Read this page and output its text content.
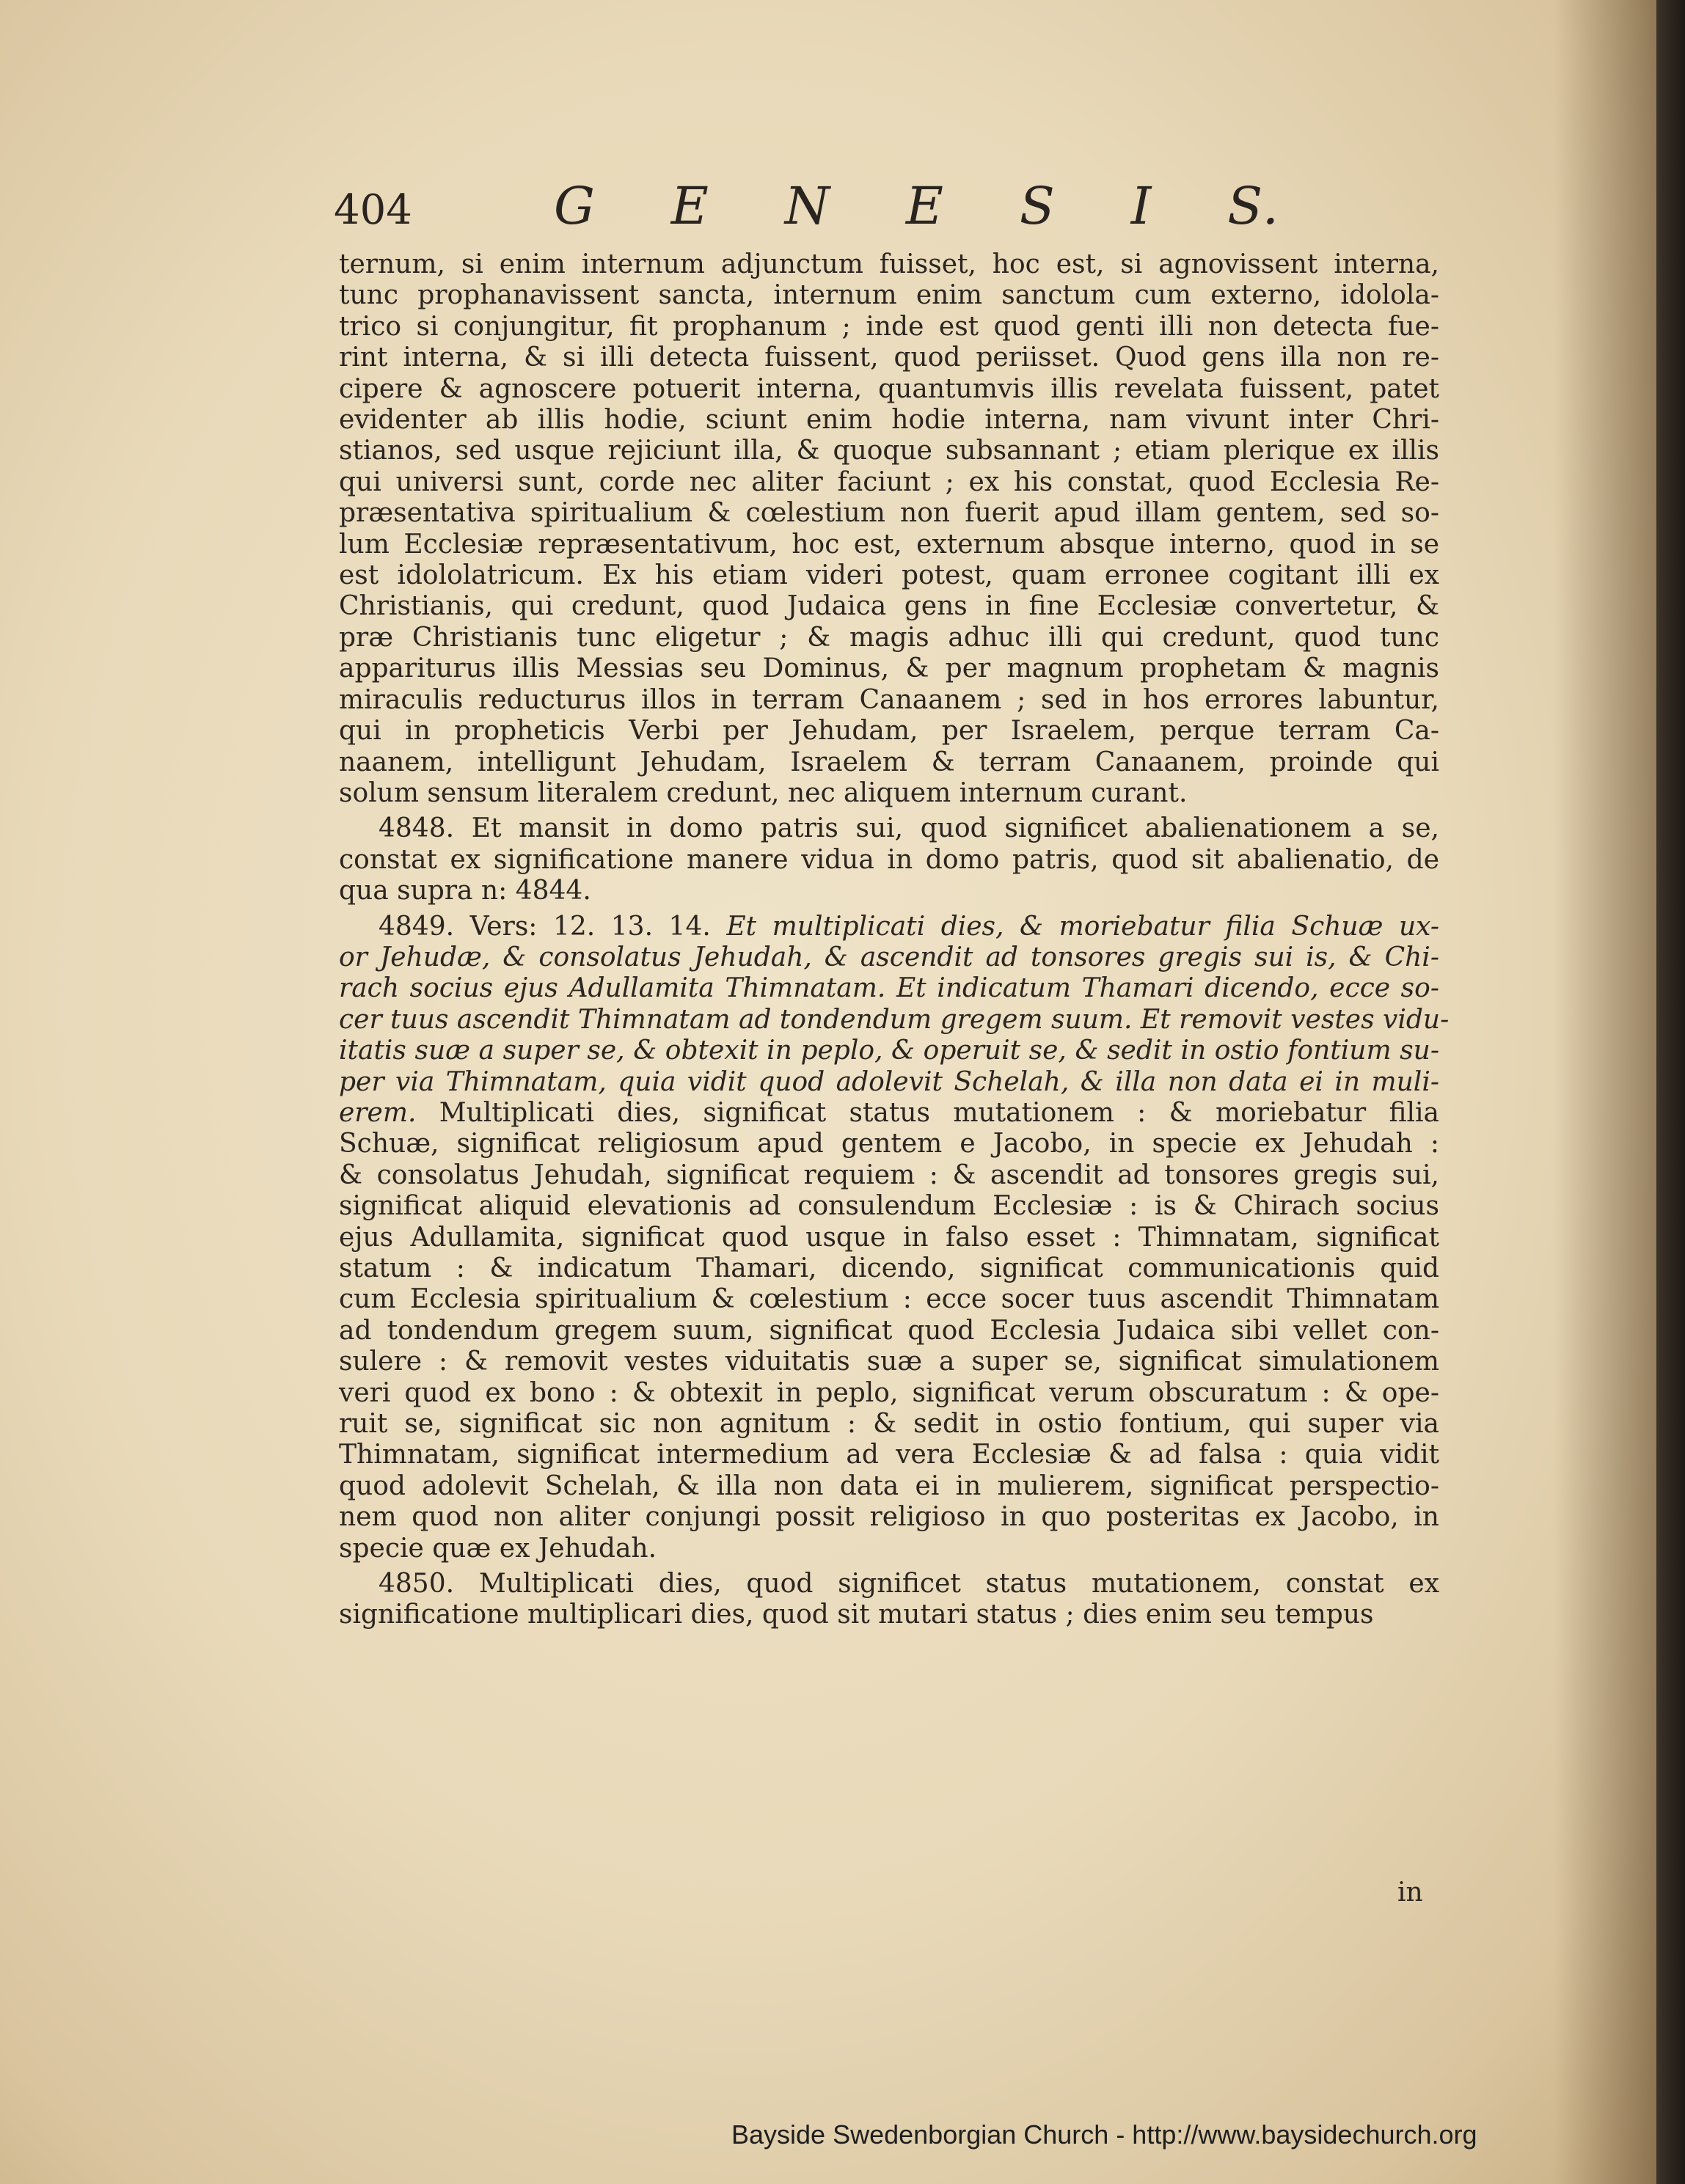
404	G E N E S I S.
ternum, si enim internum adjunctum fuisset, hoc est, si agnovissent interna,
tunc prophanavissent sancta, internum enim sanctum cum externo, idolola-
trico si conjungitur, fit prophanum ; inde est quod genti illi non detecta fue-
rint interna, & si illi detecta fuissent, quod periisset. Quod gens illa non re-
cipere & agnoscere potuerit interna, quantumvis illis revelata fuissent, patet
evidenter ab illis hodie, sciunt enim hodie interna, nam vivunt inter Chri-
stianos, sed usque rejiciunt illa, & quoque subsannant ; etiam plerique ex illis
qui universi sunt, corde nec aliter faciunt ; ex his constat, quod Ecclesia Re-
præsentativa spiritualium & cœlestium non fuerit apud illam gentem, sed so-
lum Ecclesiæ repræsentativum, hoc est, externum absque interno, quod in se
est idololatricum. Ex his etiam videri potest, quam erronee cogitant illi ex
Christianis, qui credunt, quod Judaica gens in fine Ecclesiæ convertetur, &
præ Christianis tunc eligetur ; & magis adhuc illi qui credunt, quod tunc
appariturus illis Messias seu Dominus, & per magnum prophetam & magnis
miraculis reducturus illos in terram Canaanem ; sed in hos errores labuntur,
qui in propheticis Verbi per Jehudam, per Israelem, perque terram Ca-
naanem, intelligunt Jehudam, Israelem & terram Canaanem, proinde qui
solum sensum literalem credunt, nec aliquem internum curant.
4848. Et mansit in domo patris sui, quod significet abalienationem a se,
constat ex significatione manere vidua in domo patris, quod sit abalienatio, de
qua supra n: 4844.
4849. Vers: 12. 13. 14. Et multiplicati dies, & moriebatur filia Schuæ ux-
or Jehudæ, & consolatus Jehudah, & ascendit ad tonsores gregis sui is, & Chi-
rach socius ejus Adullamita Thimnatam. Et indicatum Thamari dicendo, ecce so-
cer tuus ascendit Thimnatam ad tondendum gregem suum. Et removit vestes vidu-
itatis suæ a super se, & obtexit in peplo, & operuit se, & sedit in ostio fontium su-
per via Thimnatam, quia vidit quod adolevit Schelah, & illa non data ei in muli-
erem. Multiplicati dies, significat status mutationem : & moriebatur filia
Schuæ, significat religiosum apud gentem e Jacobo, in specie ex Jehudah :
& consolatus Jehudah, significat requiem : & ascendit ad tonsores gregis sui,
significat aliquid elevationis ad consulendum Ecclesiæ : is & Chirach socius
ejus Adullamita, significat quod usque in falso esset : Thimnatam, significat
statum : & indicatum Thamari, dicendo, significat communicationis quid
cum Ecclesia spiritualium & cœlestium : ecce socer tuus ascendit Thimnatam
ad tondendum gregem suum, significat quod Ecclesia Judaica sibi vellet con-
sulere : & removit vestes viduitatis suæ a super se, significat simulationem
veri quod ex bono : & obtexit in peplo, significat verum obscuratum : & ope-
ruit se, significat sic non agnitum : & sedit in ostio fontium, qui super via
Thimnatam, significat intermedium ad vera Ecclesiæ & ad falsa : quia vidit
quod adolevit Schelah, & illa non data ei in mulierem, significat perspectio-
nem quod non aliter conjungi possit religioso in quo posteritas ex Jacobo, in
specie quæ ex Jehudah.
4850. Multiplicati dies, quod significet status mutationem, constat ex
significatione multiplicari dies, quod sit mutari status ; dies enim seu tempus
in
Bayside Swedenborgian Church - http://www.baysidechurch.org
